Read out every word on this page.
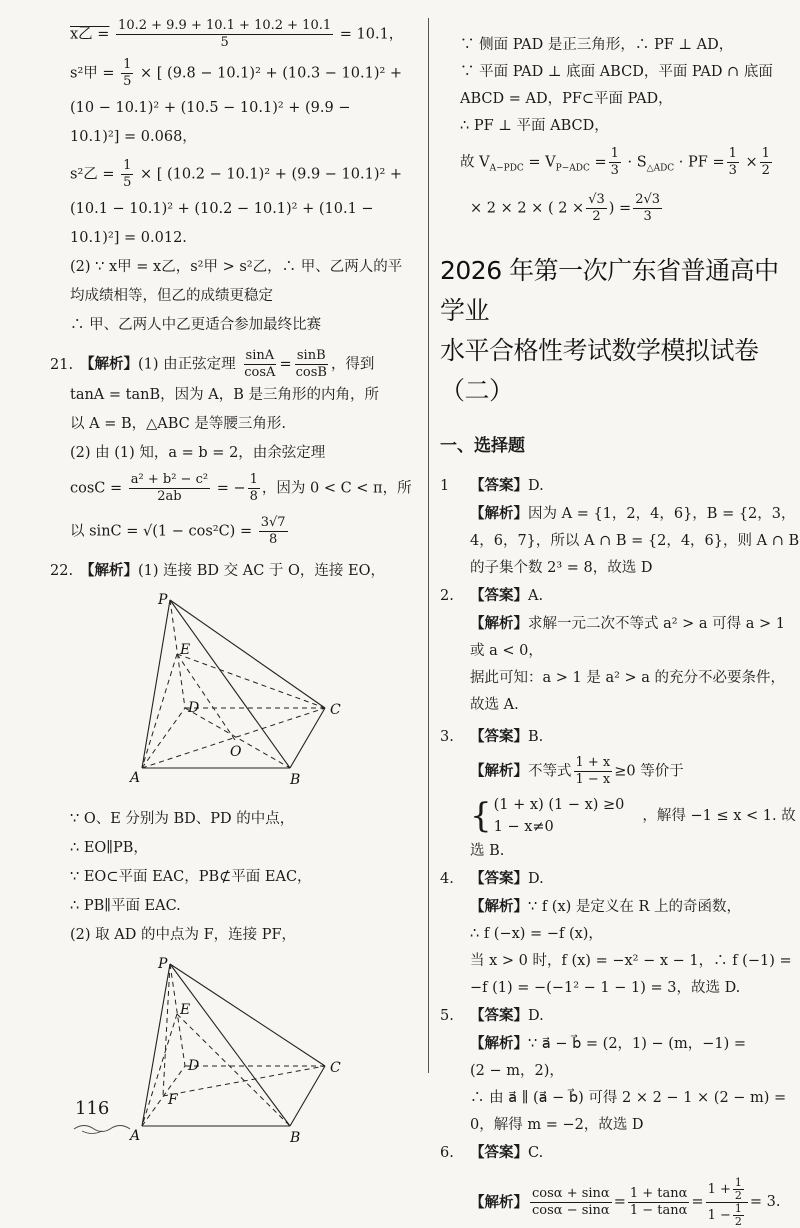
x乙 = $\frac{10.2 + 9.9 + 10.1 + 10.2 + 10.1}{5} = 10.1$，
s²甲 = $\frac{1}{5}$ × [ (9.8 − 10.1)² + (10.3 − 10.1)² +
(10 − 10.1)² + (10.5 − 10.1)² + (9.9 −
10.1)²] = 0.068，
s²乙 = $\frac{1}{5}$ × [ (10.2 − 10.1)² + (9.9 − 10.1)² +
(10.1 − 10.1)² + (10.2 − 10.1)² + (10.1 −
10.1)²] = 0.012.
(2) ∵ x甲 = x乙，s²甲 > s²乙，∴ 甲、乙两人的平
均成绩相等，但乙的成绩更稳定
∴ 甲、乙两人中乙更适合参加最终比赛
21. 【解析】(1) 由正弦定理 $\frac{\sin A}{\cos A} = \frac{\sin B}{\cos B}$ ，得到
tanA = tanB，因为 A，B 是三角形的内角，所
以 A = B，△ABC 是等腰三角形.
(2) 由 (1) 知，a = b = 2，由余弦定理
$\cos C = \frac{\text{a² + b² − c²}}{2ab}$ = − $\frac{1}{8}$ ，因为 0 < C < π，所
以 $\sin C = √(1 - \cos^2C) = \frac{3√7}{8}$
22. 【解析】(1) 连接 BD 交 AC 于 O，连接 EO，
P
E
D	C
O
A	B
∵ O、E 分别为 BD、PD 的中点，
∴ EO∥PB，
∵ EO⊂平面 EAC，PB⊄平面 EAC，
∴ PB∥平面 EAC.
(2) 取 AD 的中点为 F，连接 PF，
P
E
D	C
F
A	B
∵ 侧面 PAD 是正三角形，∴ PF ⊥ AD，
∵ 平面 PAD ⊥ 底面 ABCD，平面 PAD ∩ 底面
ABCD = AD，PF⊂平面 PAD，
∴ PF ⊥ 平面 ABCD，
故 $V_{A-PDC} = V_{P-ADC} = \frac{1}{3} \cdot S_{\triangle ADC}$ · PF = $\frac{1}{3} \times \frac{1}{2}$
× 2 × 2 × ( $2 \times \frac{√3}{2}$ ) = $\frac{2√3}{3}$
2026 年第一次广东省普通高中学业
水平合格性考试数学模拟试卷（二）
一、选择题
1 【答案】D.
【解析】因为 A = {1，2，4，6}，B = {2，3，
4，6，7}，所以 A ∩ B = {2，4，6}，则 A ∩ B
的子集个数 2³ = 8，故选 D
2. 【答案】A.
【解析】求解一元二次不等式 a² > a 可得 a > 1
或 a < 0，
据此可知：a > 1 是 a² > a 的充分不必要条件，
故选 A.
3. 【答案】B.
【解析】不等式 $\frac{1 + x}{1 - x} \ge 0$ 等价于
{ (1 + x) (1 − x) ≥0
1 − x≠0
，解得 −1 ≤ x < 1. 故
选 B.
4. 【答案】D.
【解析】∵ f (x) 是定义在 R 上的奇函数，
∴ f (−x) = −f (x)，
当 x > 0 时，f (x) = −x² − x − 1，∴ f (−1) =
−f (1) = −(−1² − 1 − 1) = 3，故选 D.
5. 【答案】D.
【解析】∵ a⃗ − b⃗ = (2，1) − (m，−1) =
(2 − m，2)，
∴ 由 a⃗ ∥ (a⃗ − b⃗) 可得 2 × 2 − 1 × (2 − m) =
0，解得 m = −2，故选 D
6. 【答案】C.
【解析】 $\frac{\cos\alpha + \sin\alpha}{\cos\alpha - \sin\alpha} = \frac{1 + \tan\alpha}{1 - \tan\alpha} = \frac{1 + \frac{1}{2}}{1 - \frac{1}{2}} = 3$.
116
